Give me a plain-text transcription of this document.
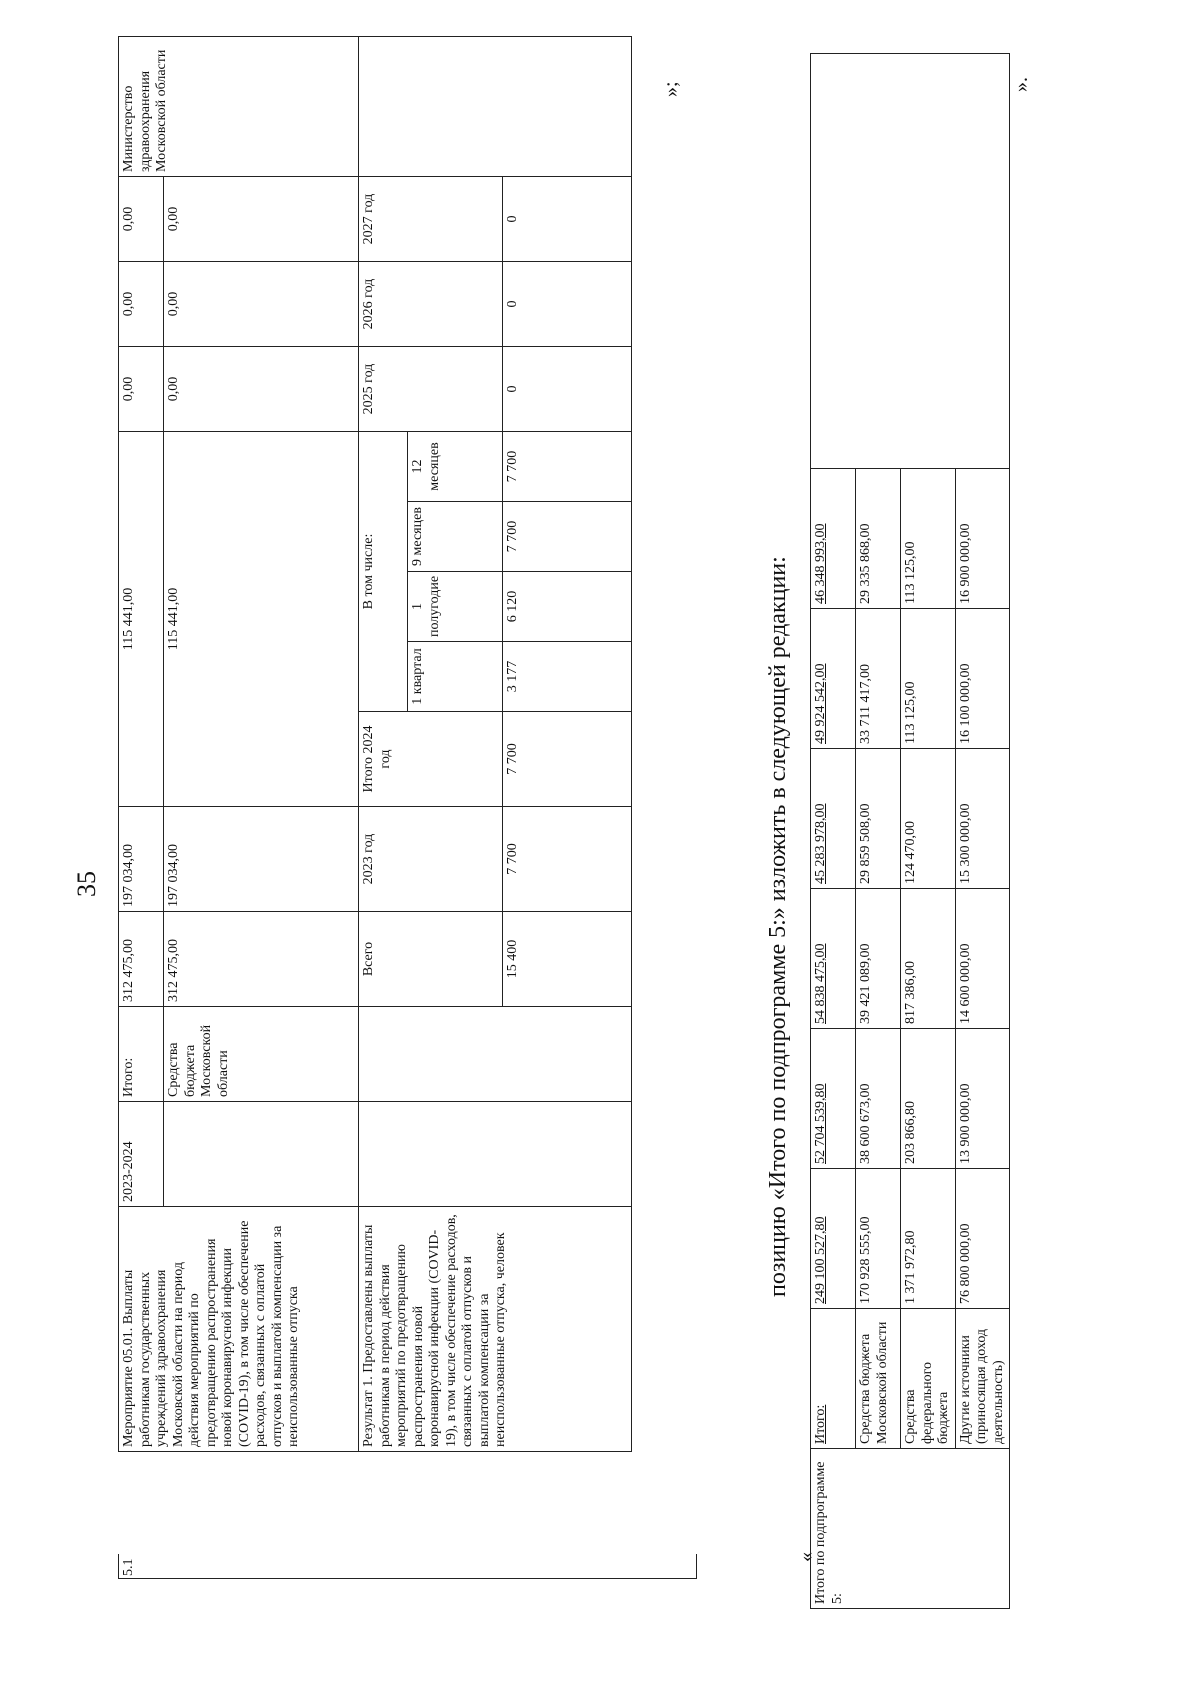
35
Мероприятие 05.01. Выплаты работникам государственных учреждений здравоохранения Московской области на период действия мероприятий по предотвращению распространения новой коронавирусной инфекции (COVID-19), в том числе обеспечение расходов, связанных с оплатой отпусков и выплатой компенсации за неиспользованные отпуска	2023-2024	Итого:	312 475,00	197 034,00	115 441,00					0,00	0,00	0,00	Министерство здравоохранения Московской области
		Средства бюджета Московской области	312 475,00	197 034,00	115 441,00					0,00	0,00	0,00	
Результат 1. Предоставлены выплаты работникам в период действия мероприятий по предотвращению распространения новой коронавирусной инфекции (COVID-19), в том числе обеспечение расходов, связанных с оплатой отпусков и выплатой компенсации за неиспользованные отпуска, человек			Всего	2023 год	Итого 2024 год	В том числе:				2025 год	2026 год	2027 год	
						1 квартал	1 полугодие	9 месяцев	12 месяцев				
			15 400	7 700	7 700	3 177	6 120	7 700	7 700	0	0	0	
5.1
»;
позицию «Итого по подпрограмме 5:» изложить в следующей редакции:
«
Итого по подпрограмме 5:	Итого:	249 100 527,80	52 704 539,80	54 838 475,00	45 283 978,00	49 924 542,00	46 348 993,00	
	Средства бюджета Московской области	170 928 555,00	38 600 673,00	39 421 089,00	29 859 508,00	33 711 417,00	29 335 868,00	
	Средства федерального бюджета	1 371 972,80	203 866,80	817 386,00	124 470,00	113 125,00	113 125,00	
	Другие источники (приносящая доход деятельность)	76 800 000,00	13 900 000,00	14 600 000,00	15 300 000,00	16 100 000,00	16 900 000,00	
».
